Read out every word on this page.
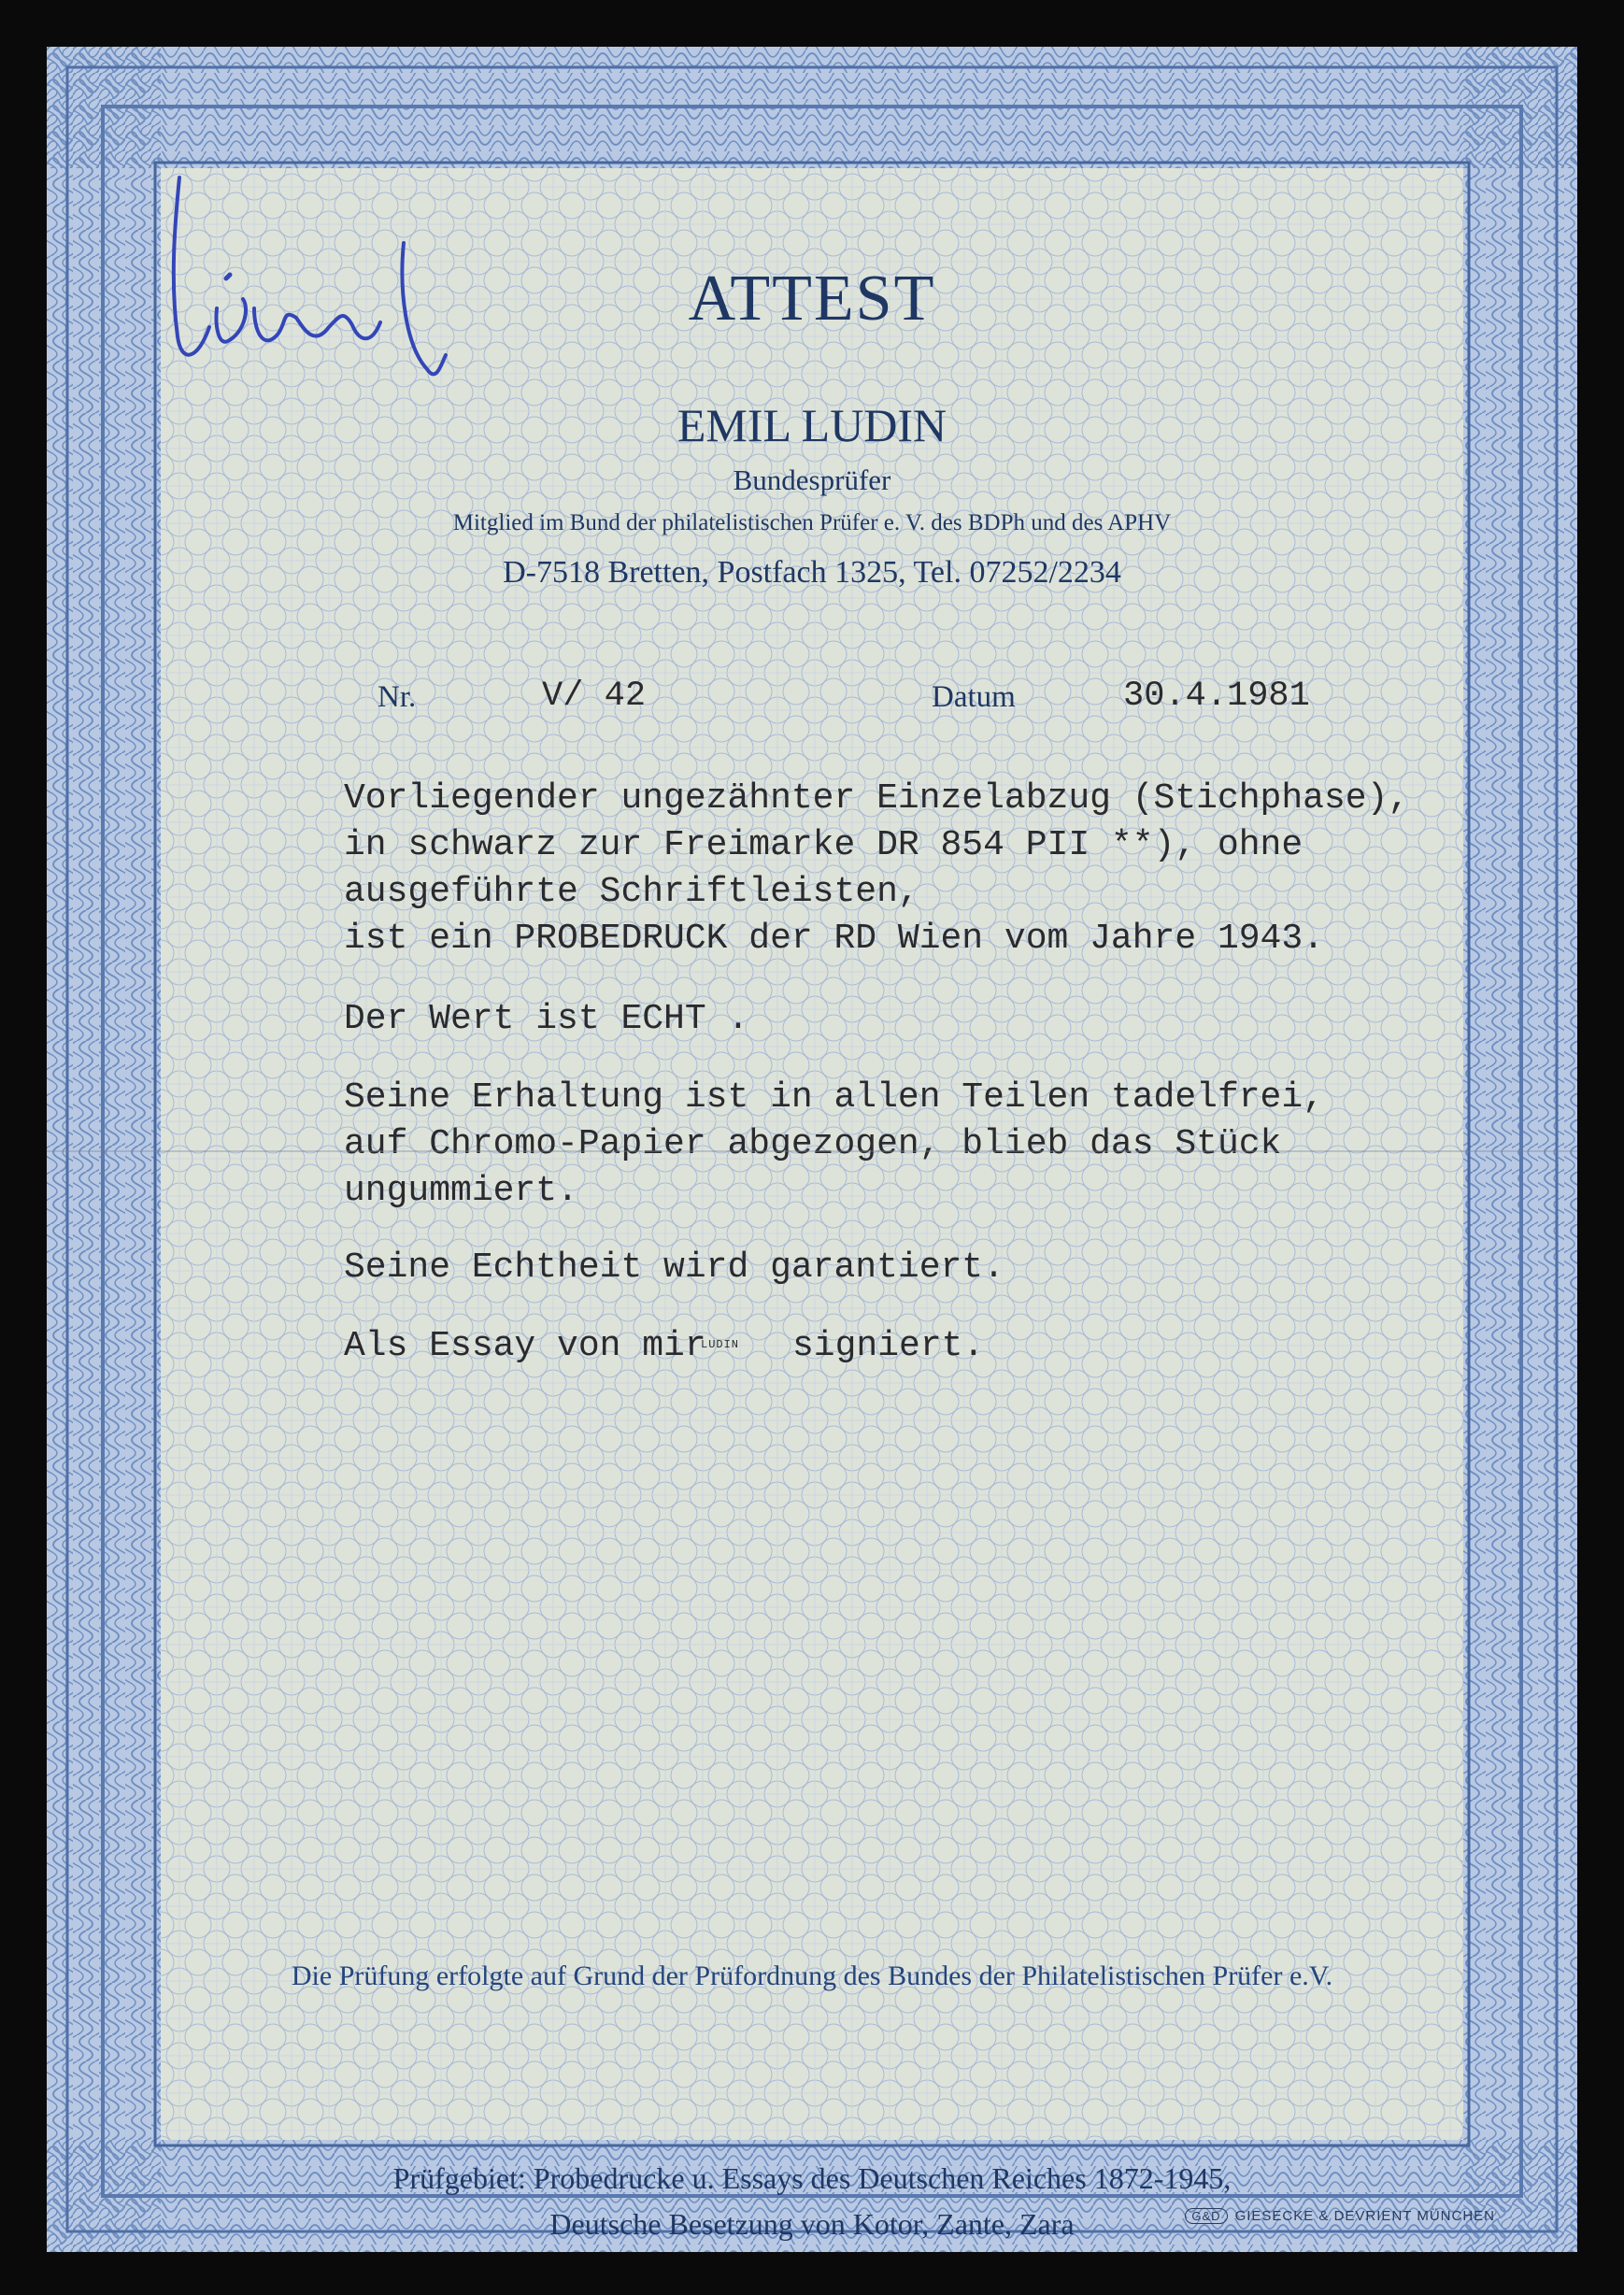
ATTEST
EMIL LUDIN
Bundesprüfer
Mitglied im Bund der philatelistischen Prüfer e. V. des BDPh und des APHV
D-7518 Bretten, Postfach 1325, Tel. 07252/2234
Nr.	V/ 42	Datum	30.4.1981
Vorliegender ungezähnter Einzelabzug (Stichphase),
in schwarz zur Freimarke DR 854 PII **), ohne
ausgeführte Schriftleisten,
ist ein PROBEDRUCK der RD Wien vom Jahre 1943.
Der Wert ist ECHT .
Seine Erhaltung ist in allen Teilen tadelfrei,
auf Chromo-Papier abgezogen, blieb das Stück
ungummiert.
Seine Echtheit wird garantiert.
Als Essay von mir
LUDIN signiert.
Prüfgebiet: Probedrucke u. Essays des Deutschen Reiches 1872-1945,
Deutsche Besetzung von Kotor, Zante, Zara
Die Prüfung erfolgte auf Grund der Prüfordnung des Bundes der Philatelistischen Prüfer e.V.
G&D	GIESECKE & DEVRIENT MÜNCHEN
